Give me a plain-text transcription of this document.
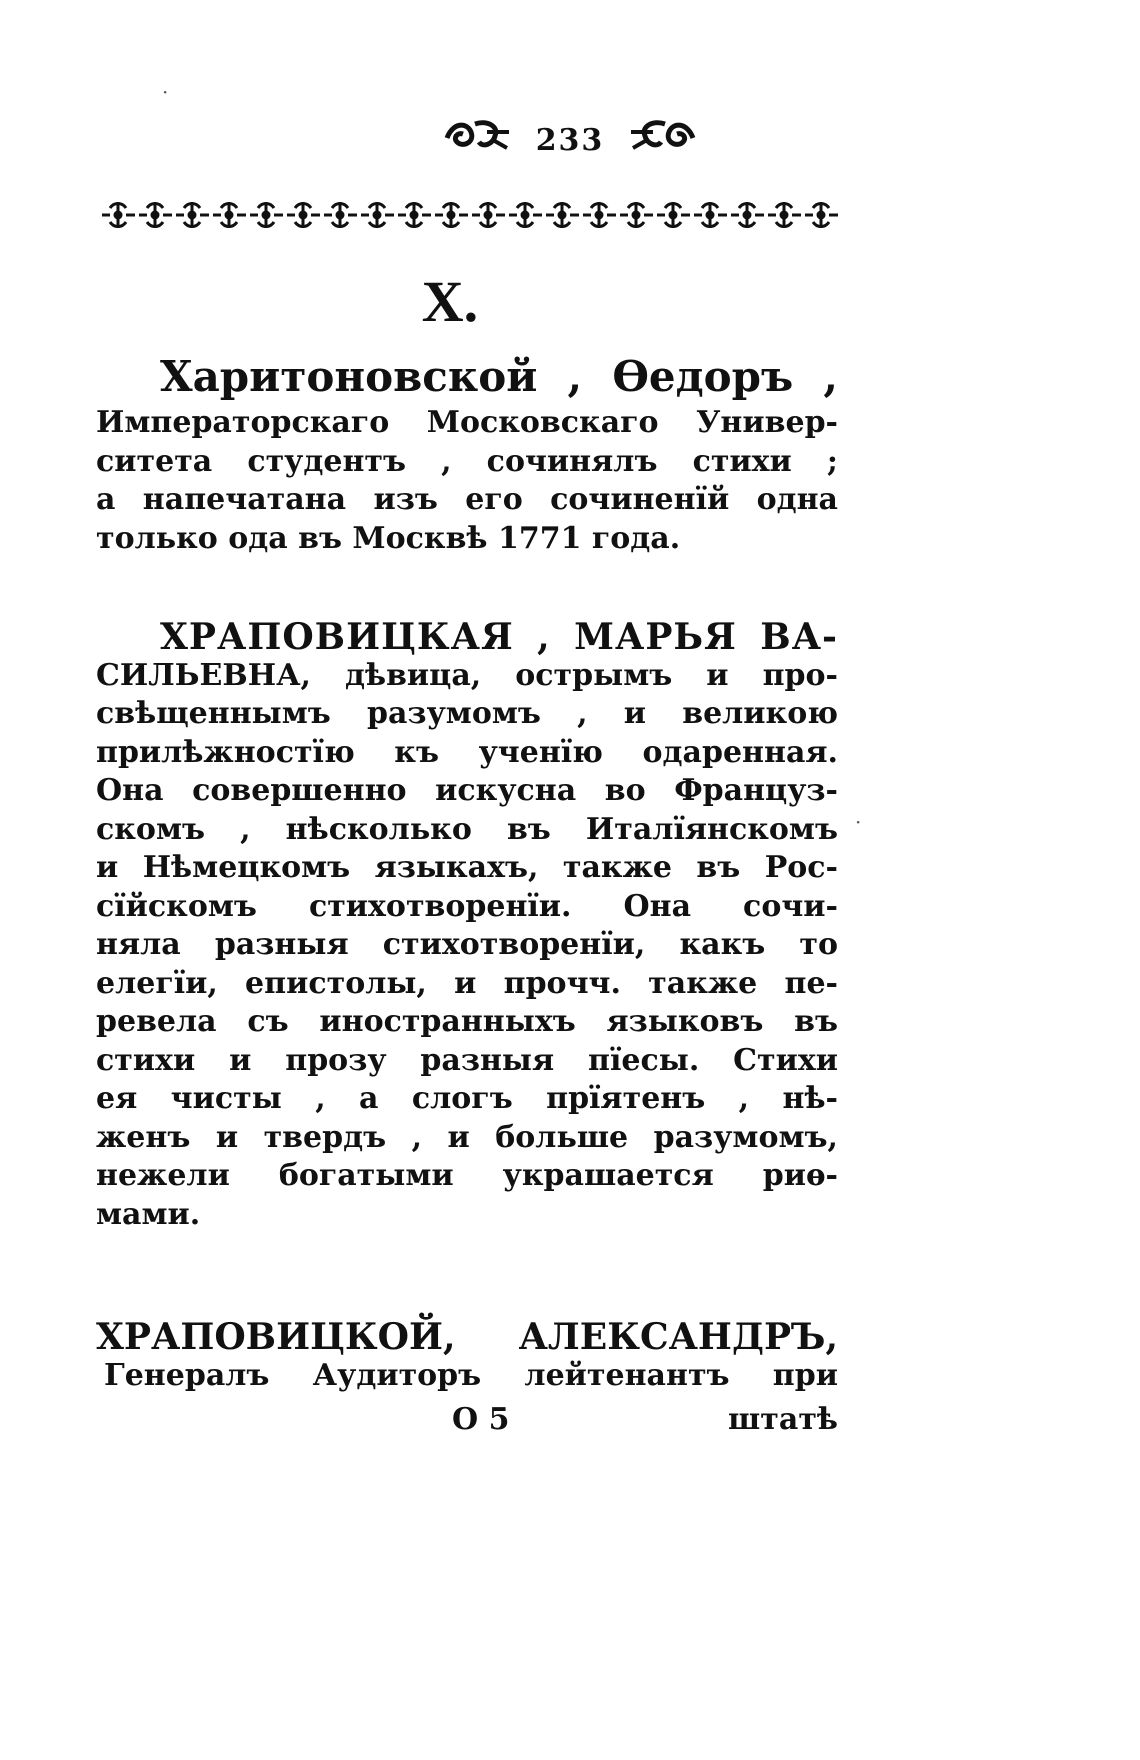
233
X.
Харитоновской , Ѳедоръ ,
Императорскаго Московскаго Универ-
ситета студентъ , сочинялъ стихи ;
а напечатана изъ его сочиненїй одна
только ода въ Москвѣ 1771 года.
ХРАПОВИЦКАЯ , МАРЬЯ ВА-
СИЛЬЕВНА, дѣвица, острымъ и про-
свѣщеннымъ разумомъ , и великою
прилѣжностїю къ ученїю одаренная.
Она совершенно искусна во Француз-
скомъ , нѣсколько въ Италїянскомъ
и Нѣмецкомъ языкахъ, также въ Рос-
сїйскомъ стихотворенїи. Она сочи-
няла разныя стихотворенїи, какъ то
елегїи, епистолы, и прочч. также пе-
ревела съ иностранныхъ языковъ въ
стихи и прозу разныя пїесы. Стихи
ея чисты , а слогъ прїятенъ , нѣ-
женъ и твердъ , и больше разумомъ,
нежели богатыми украшается риѳ-
мами.
ХРАПОВИЦКОЙ, АЛЕКСАНДРЪ,
Генералъ Аудиторъ лейтенантъ при
O 5	штатѣ
·
·
